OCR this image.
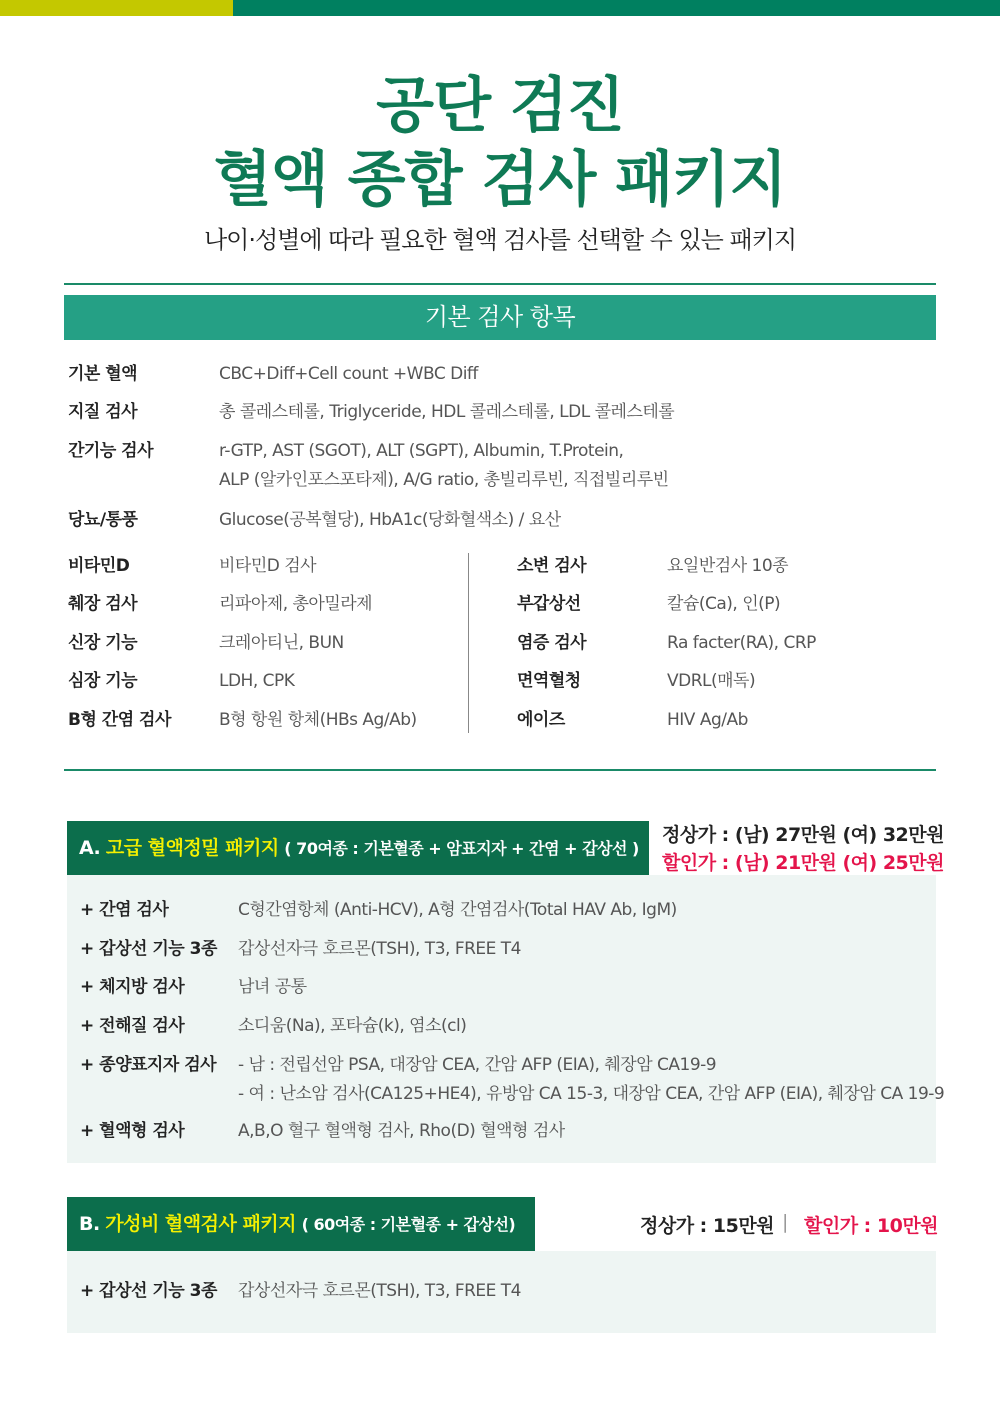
공단 검진
혈액 종합 검사 패키지
나이·성별에 따라 필요한 혈액 검사를 선택할 수 있는 패키지
기본 검사 항목
기본 혈액	CBC+Diff+Cell count +WBC Diff
지질 검사	총 콜레스테롤, Triglyceride, HDL 콜레스테롤, LDL 콜레스테롤
간기능 검사	r-GTP, AST (SGOT), ALT (SGPT), Albumin, T.Protein,
ALP (알카인포스포타제), A/G ratio, 총빌리루빈, 직접빌리루빈
당뇨/통풍	Glucose(공복혈당), HbA1c(당화혈색소) / 요산
비타민D	비타민D 검사
췌장 검사	리파아제, 총아밀라제
신장 기능	크레아티닌, BUN
심장 기능	LDH, CPK
B형 간염 검사	B형 항원 항체(HBs Ag/Ab)
소변 검사	요일반검사 10종
부갑상선	칼슘(Ca), 인(P)
염증 검사	Ra facter(RA), CRP
면역혈청	VDRL(매독)
에이즈	HIV Ag/Ab
A. 고급 혈액정밀 패키지 ( 70여종 : 기본혈종 + 암표지자 + 간염 + 갑상선 )
정상가 : (남) 27만원 (여) 32만원
할인가 : (남) 21만원 (여) 25만원
+ 간염 검사	C형간염항체 (Anti-HCV), A형 간염검사(Total HAV Ab, IgM)
+ 갑상선 기능 3종 갑상선자극 호르몬(TSH), T3, FREE T4
+ 체지방 검사	남녀 공통
+ 전해질 검사	소디움(Na), 포타슘(k), 염소(cl)
+ 종양표지자 검사 - 남 : 전립선암 PSA, 대장암 CEA, 간암 AFP (EIA), 췌장암 CA19-9
- 여 : 난소암 검사(CA125+HE4), 유방암 CA 15-3, 대장암 CEA, 간암 AFP (EIA), 췌장암 CA 19-9
+ 혈액형 검사	A,B,O 혈구 혈액형 검사, Rho(D) 혈액형 검사
B. 가성비 혈액검사 패키지 ( 60여종 : 기본혈종 + 갑상선)	정상가 : 15만원 | 할인가 : 10만원
+ 갑상선 기능 3종 갑상선자극 호르몬(TSH), T3, FREE T4
